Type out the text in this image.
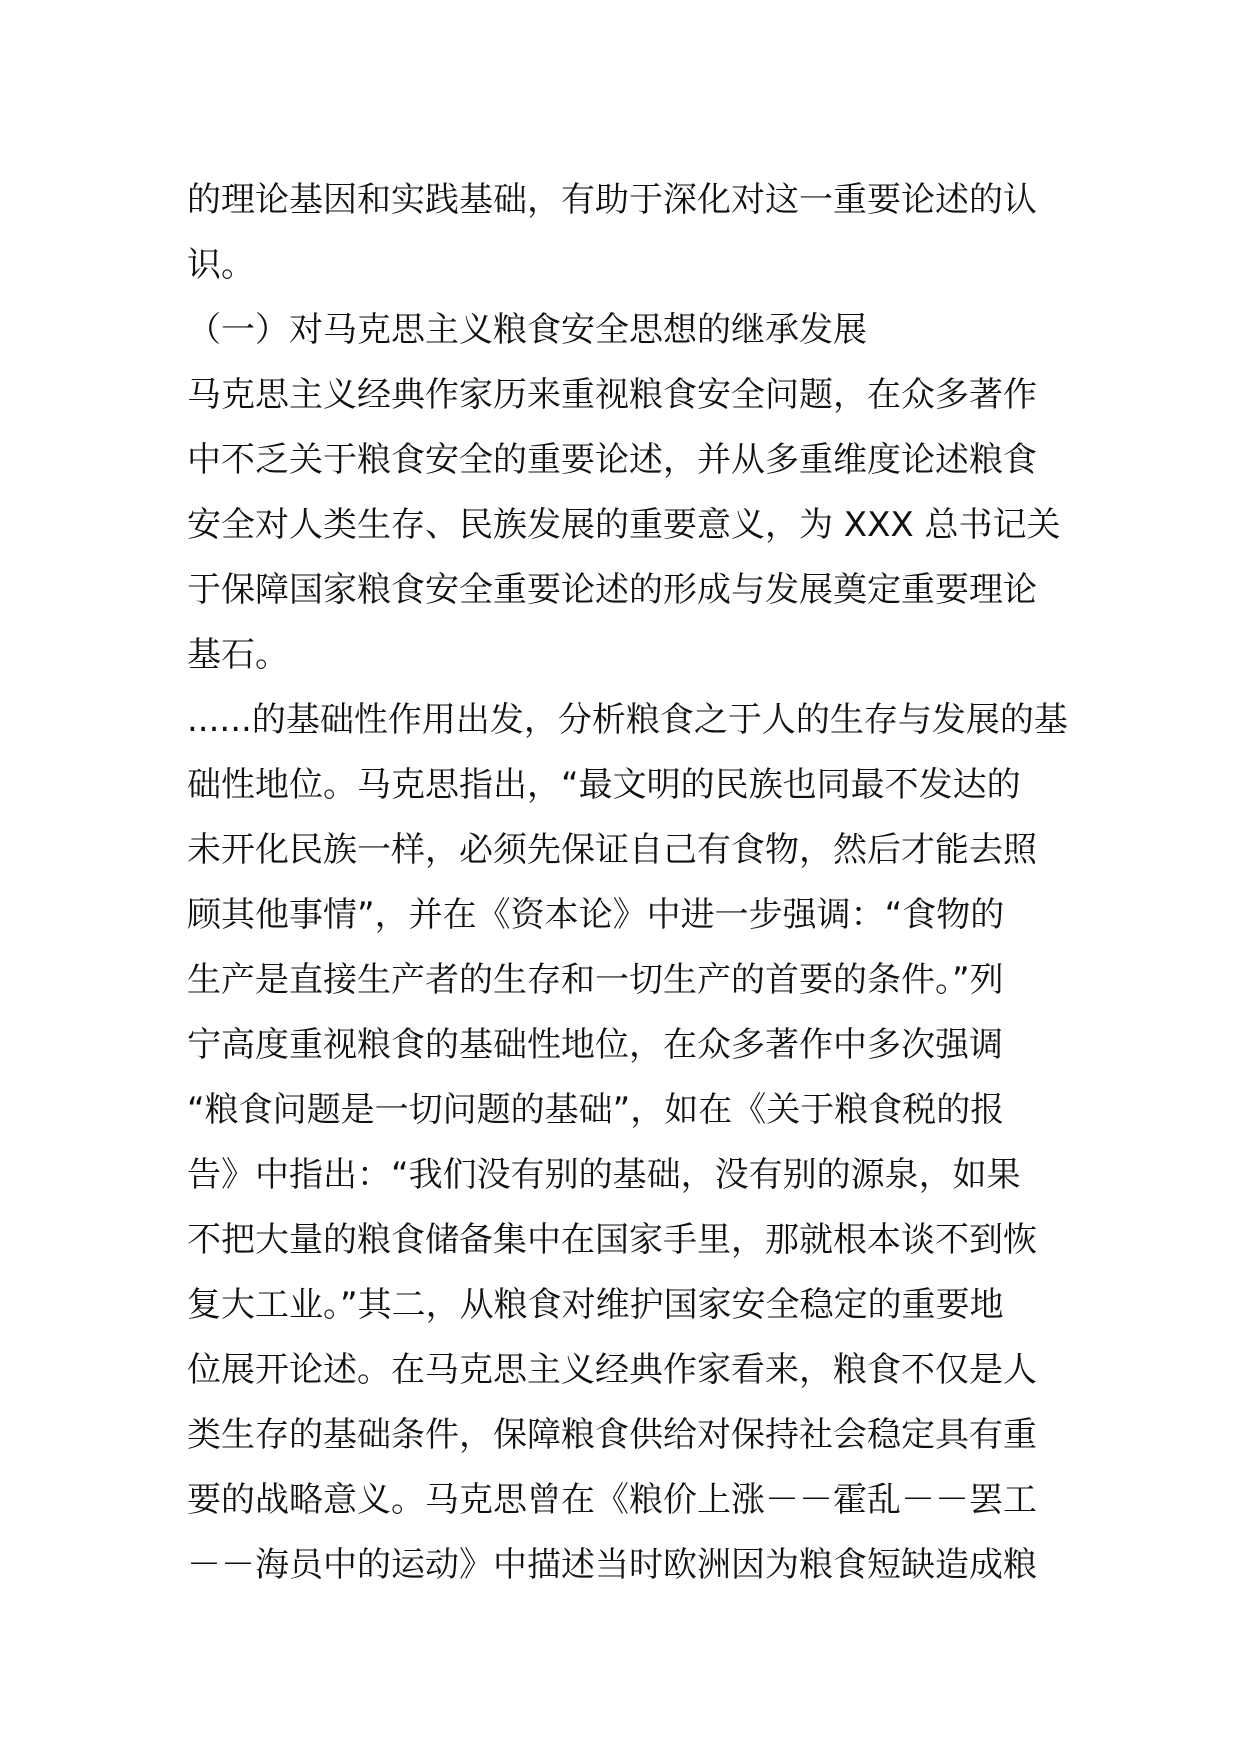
的理论基因和实践基础，有助于深化对这一重要论述的认
识。
（一）对马克思主义粮食安全思想的继承发展
马克思主义经典作家历来重视粮食安全问题，在众多著作
中不乏关于粮食安全的重要论述，并从多重维度论述粮食
安全对人类生存、民族发展的重要意义，为 XXX 总书记关
于保障国家粮食安全重要论述的形成与发展奠定重要理论
基石。
......的基础性作用出发，分析粮食之于人的生存与发展的基
础性地位。马克思指出，“最文明的民族也同最不发达的
未开化民族一样，必须先保证自己有食物，然后才能去照
顾其他事情”，并在《资本论》中进一步强调：“食物的
生产是直接生产者的生存和一切生产的首要的条件。”列
宁高度重视粮食的基础性地位，在众多著作中多次强调
“粮食问题是一切问题的基础”，如在《关于粮食税的报
告》中指出：“我们没有别的基础，没有别的源泉，如果
不把大量的粮食储备集中在国家手里，那就根本谈不到恢
复大工业。”其二，从粮食对维护国家安全稳定的重要地
位展开论述。在马克思主义经典作家看来，粮食不仅是人
类生存的基础条件，保障粮食供给对保持社会稳定具有重
要的战略意义。马克思曾在《粮价上涨－－霍乱－－罢工
－－海员中的运动》中描述当时欧洲因为粮食短缺造成粮
